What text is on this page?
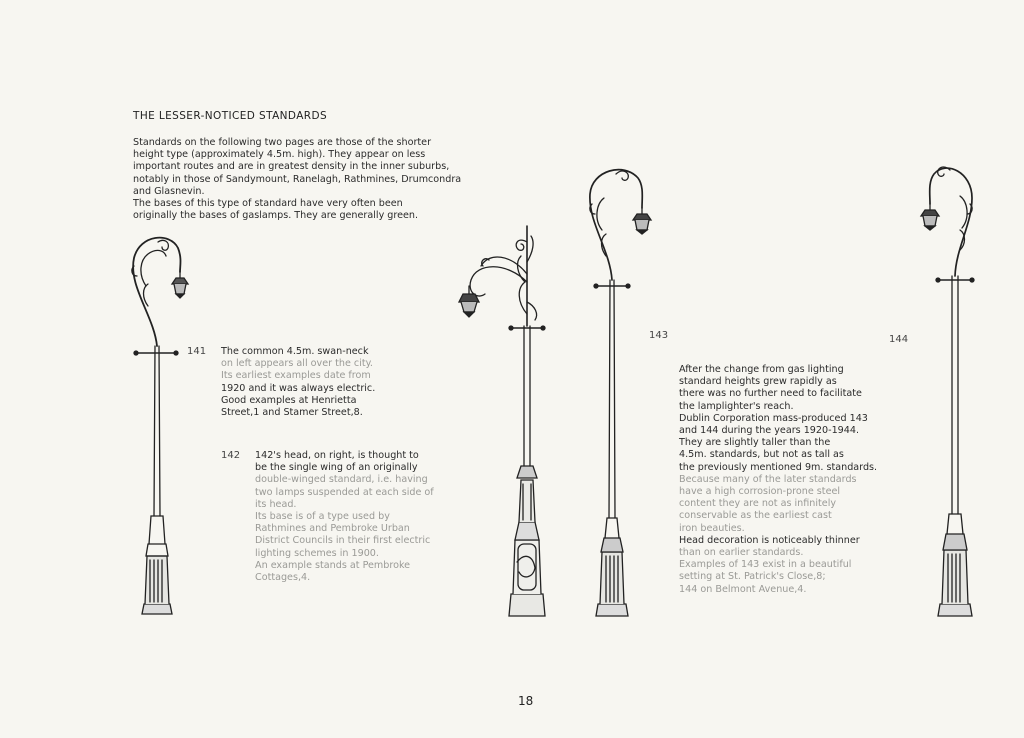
THE LESSER-NOTICED STANDARDS
Standards on the following two pages are those of the shorter
height type (approximately 4.5m. high). They appear on less
important routes and are in greatest density in the inner suburbs,
notably in those of Sandymount, Ranelagh, Rathmines, Drumcondra
and Glasnevin.
The bases of this type of standard have very often been
originally the bases of gaslamps. They are generally green.
141
142
143	144
The common 4.5m. swan-neck
on left appears all over the city.
Its earliest examples date from
1920 and it was always electric.
Good examples at Henrietta
Street,1 and Stamer Street,8.
142's head, on right, is thought to
be the single wing of an originally
double-winged standard, i.e. having
two lamps suspended at each side of
its head.
Its base is of a type used by
Rathmines and Pembroke Urban
District Councils in their first electric
lighting schemes in 1900.
An example stands at Pembroke
Cottages,4.
After the change from gas lighting
standard heights grew rapidly as
there was no further need to facilitate
the lamplighter's reach.
Dublin Corporation mass-produced 143
and 144 during the years 1920-1944.
They are slightly taller than the
4.5m. standards, but not as tall as
the previously mentioned 9m. standards.
Because many of the later standards
have a high corrosion-prone steel
content they are not as infinitely
conservable as the earliest cast
iron beauties.
Head decoration is noticeably thinner
than on earlier standards.
Examples of 143 exist in a beautiful
setting at St. Patrick's Close,8;
144 on Belmont Avenue,4.
18
